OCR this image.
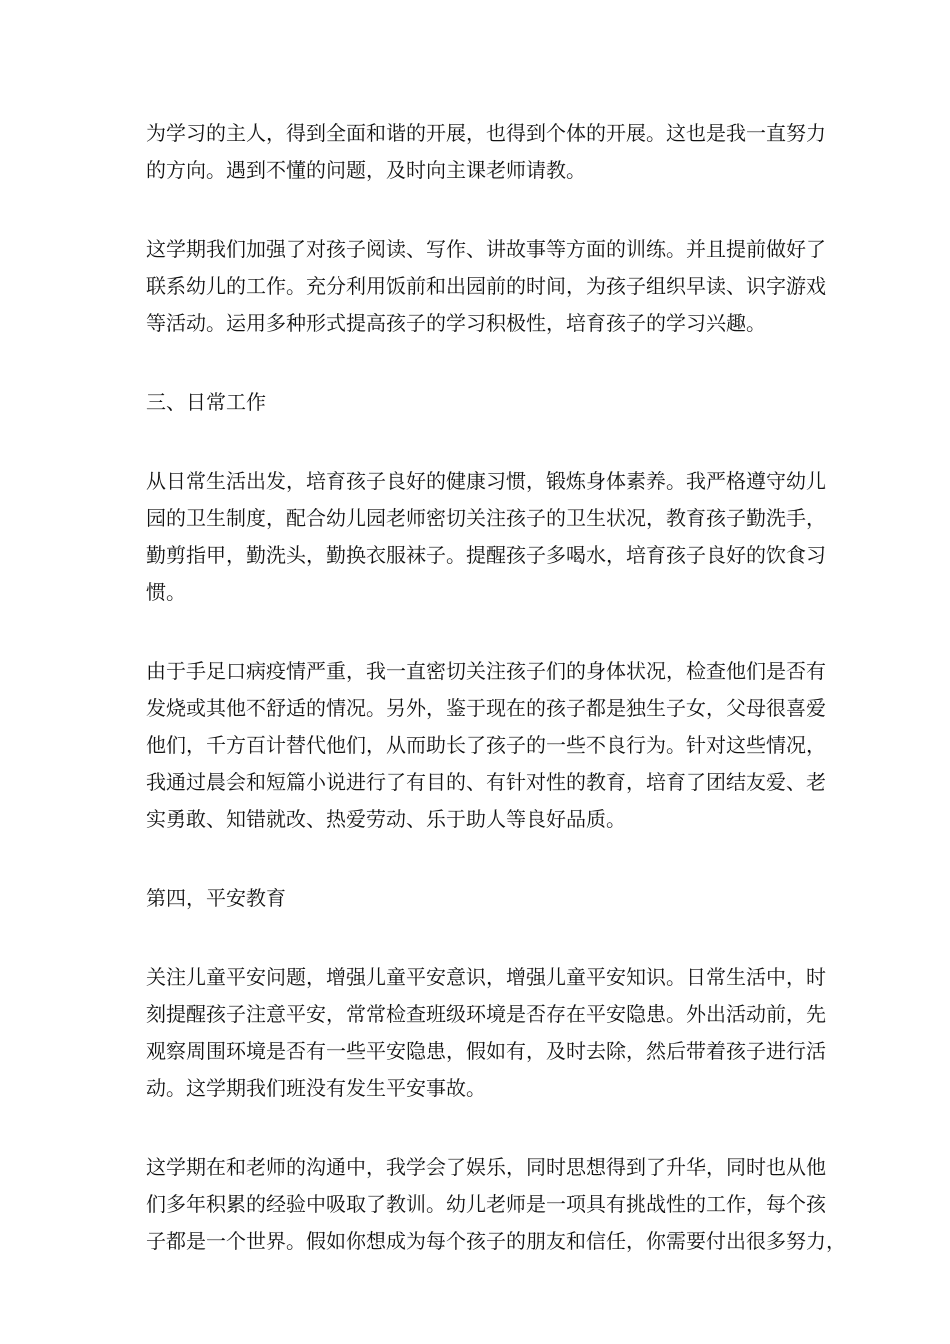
为学习的主人，得到全面和谐的开展，也得到个体的开展。这也是我一直努力
的方向。遇到不懂的问题，及时向主课老师请教。
这学期我们加强了对孩子阅读、写作、讲故事等方面的训练。并且提前做好了
联系幼儿的工作。充分利用饭前和出园前的时间，为孩子组织早读、识字游戏
等活动。运用多种形式提高孩子的学习积极性，培育孩子的学习兴趣。
三、日常工作
从日常生活出发，培育孩子良好的健康习惯，锻炼身体素养。我严格遵守幼儿
园的卫生制度，配合幼儿园老师密切关注孩子的卫生状况，教育孩子勤洗手，
勤剪指甲，勤洗头，勤换衣服袜子。提醒孩子多喝水，培育孩子良好的饮食习
惯。
由于手足口病疫情严重，我一直密切关注孩子们的身体状况，检查他们是否有
发烧或其他不舒适的情况。另外，鉴于现在的孩子都是独生子女，父母很喜爱
他们，千方百计替代他们，从而助长了孩子的一些不良行为。针对这些情况，
我通过晨会和短篇小说进行了有目的、有针对性的教育，培育了团结友爱、老
实勇敢、知错就改、热爱劳动、乐于助人等良好品质。
第四，平安教育
关注儿童平安问题，增强儿童平安意识，增强儿童平安知识。日常生活中，时
刻提醒孩子注意平安，常常检查班级环境是否存在平安隐患。外出活动前，先
观察周围环境是否有一些平安隐患，假如有，及时去除，然后带着孩子进行活
动。这学期我们班没有发生平安事故。
这学期在和老师的沟通中，我学会了娱乐，同时思想得到了升华，同时也从他
们多年积累的经验中吸取了教训。幼儿老师是一项具有挑战性的工作，每个孩
子都是一个世界。假如你想成为每个孩子的朋友和信任，你需要付出很多努力，
